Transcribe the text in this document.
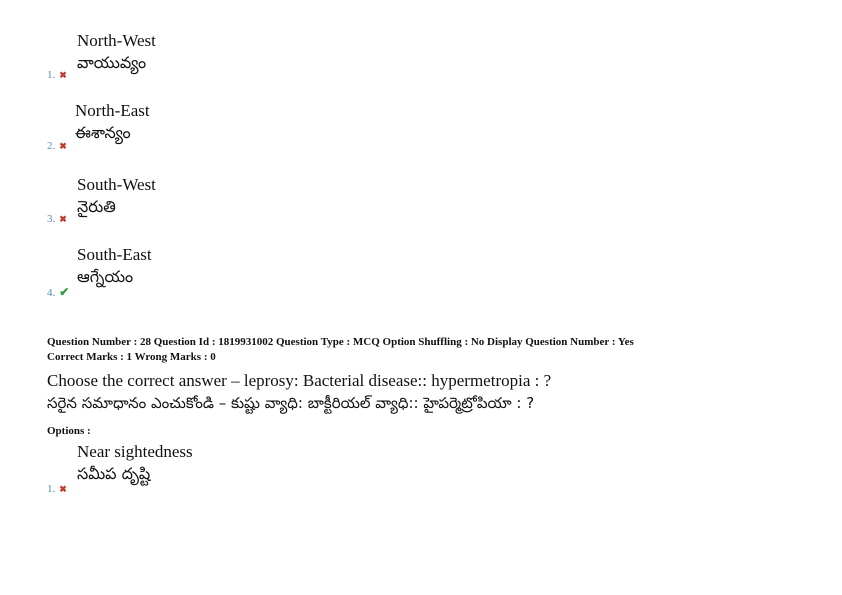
North-West
వాయువ్యం
1. ✖
North-East
ఈశాన్యం
2. ✖
South-West
నైరుతి
3. ✖
South-East
ఆగ్నేయం
4. ✔
Question Number : 28 Question Id : 1819931002 Question Type : MCQ Option Shuffling : No Display Question Number : Yes
Correct Marks : 1 Wrong Marks : 0
Choose the correct answer – leprosy: Bacterial disease:: hypermetropia : ?
సరైన సమాధానం ఎంచుకోండి – కుష్టు వ్యాధి: బాక్టీరియల్ వ్యాధి:: హైపర్మెట్రోపియా : ?
Options :
Near sightedness
సమీప దృష్టి
1. ✖
